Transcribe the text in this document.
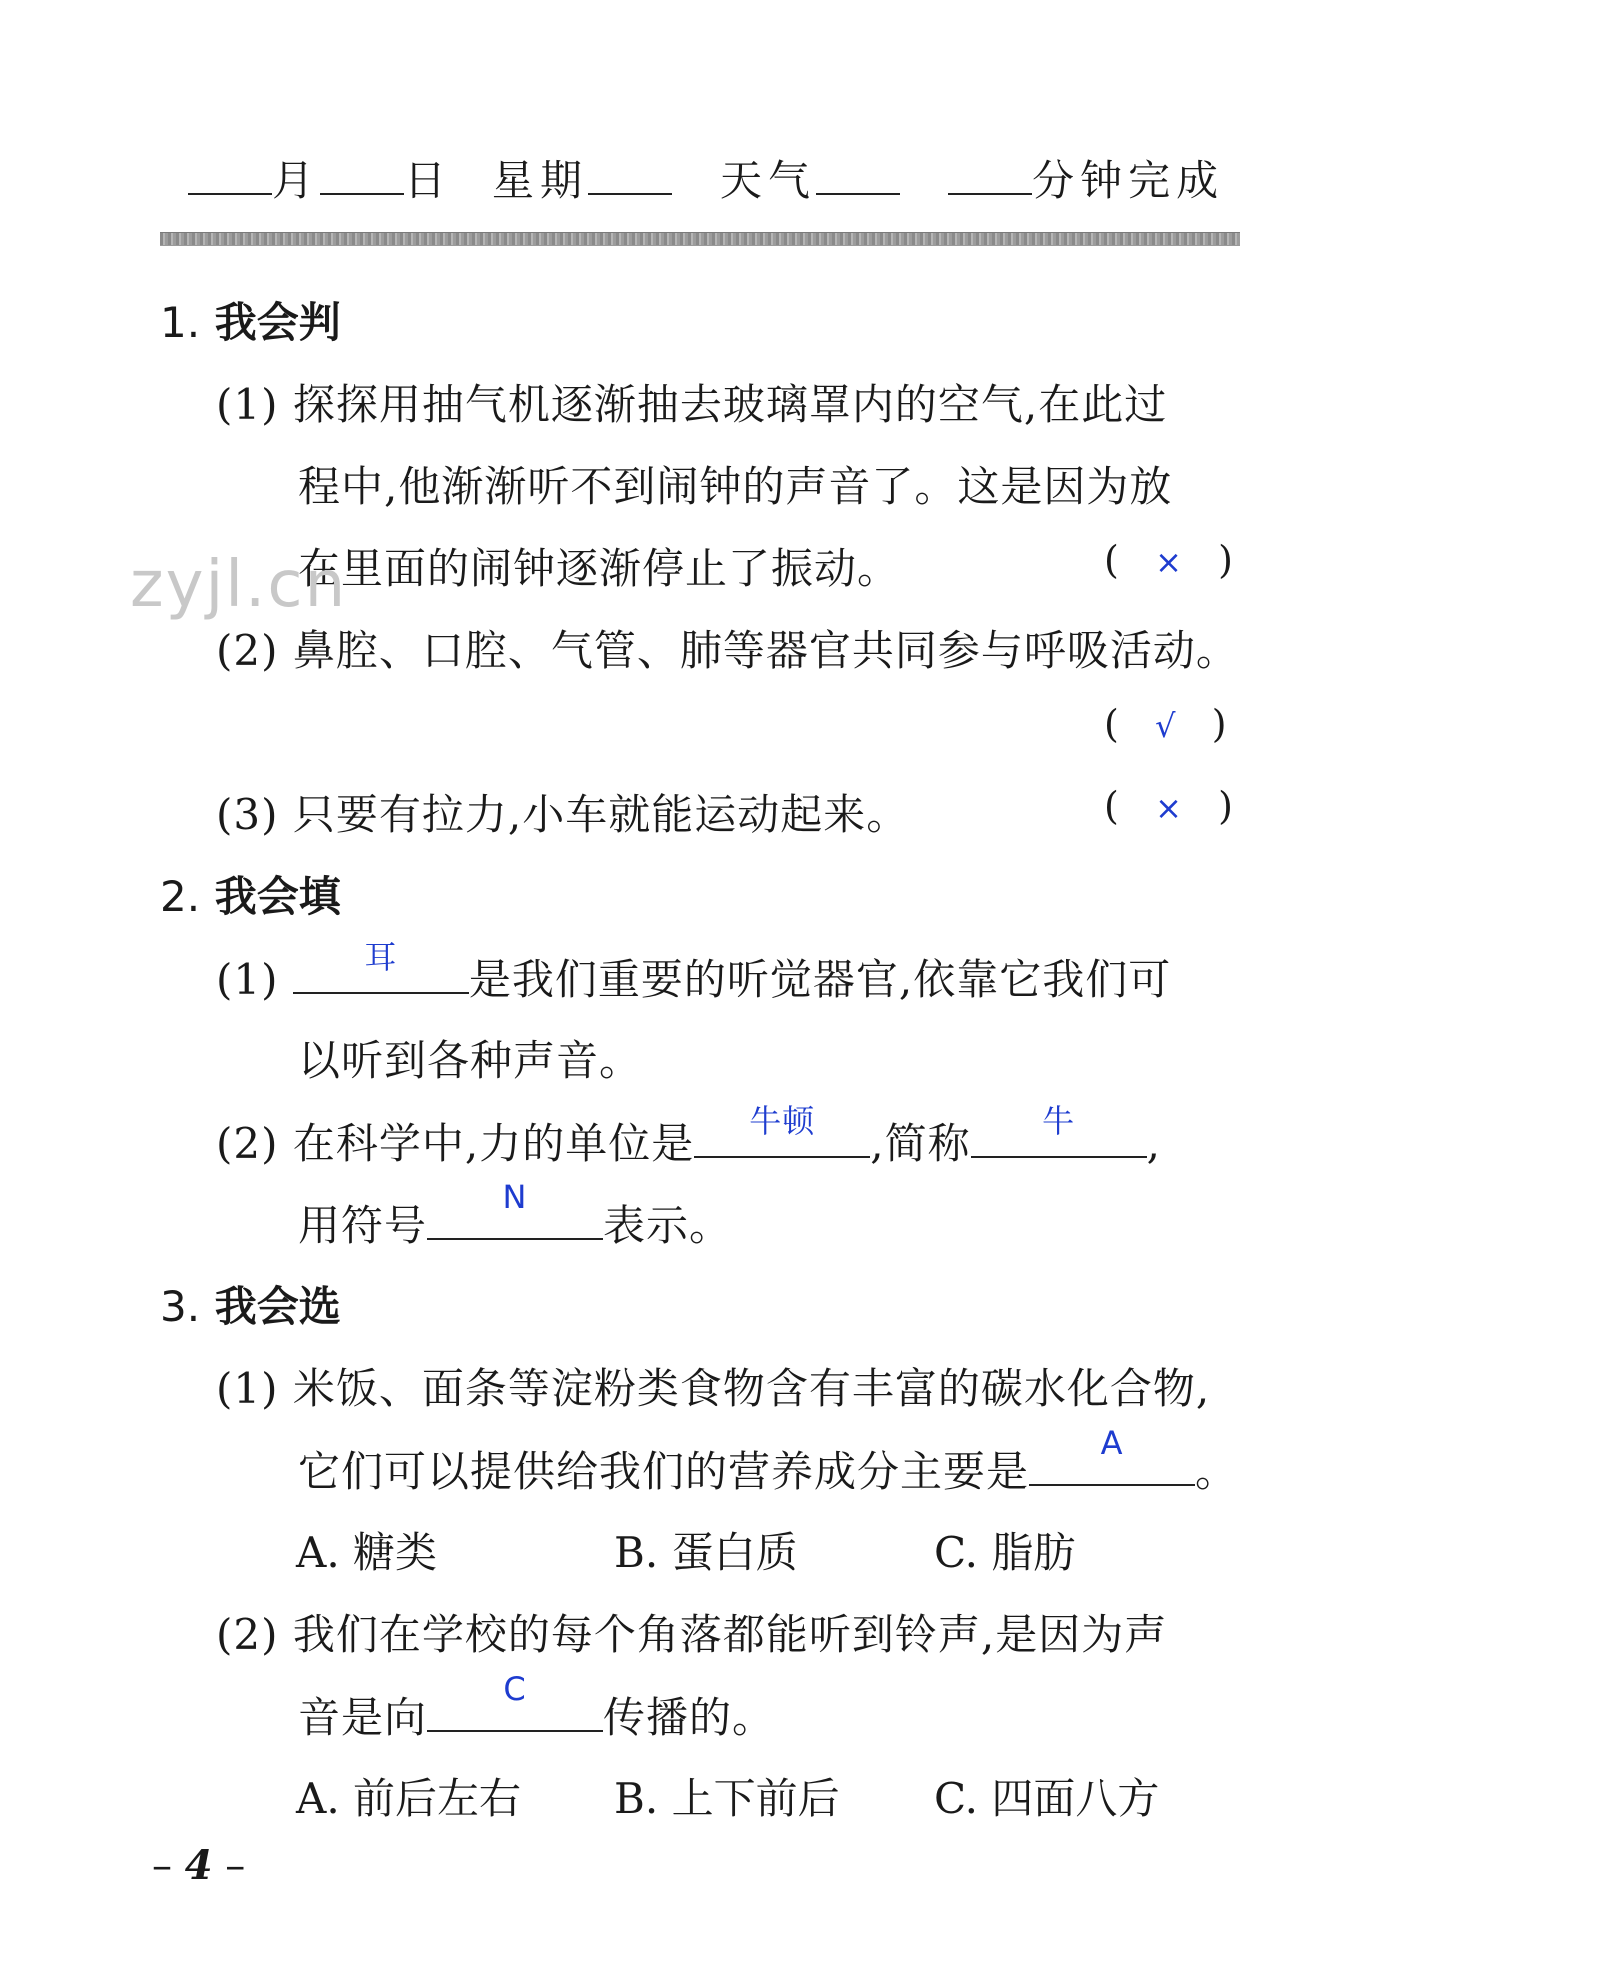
月 日 星期	天气	分钟完成
1. 我会判
(1) 探探用抽气机逐渐抽去玻璃罩内的空气,在此过
程中,他渐渐听不到闹钟的声音了。这是因为放
在里面的闹钟逐渐停止了振动。	(   ×   )
(2) 鼻腔、口腔、气管、肺等器官共同参与呼吸活动。
(   √   )
(3) 只要有拉力,小车就能运动起来。	(   ×   )
2. 我会填
(1)	耳	是我们重要的听觉器官,依靠它我们可
以听到各种声音。
(2) 在科学中,力的单位是	牛顿	,简称	牛	,
用符号
N
表示。
3. 我会选
(1) 米饭、面条等淀粉类食物含有丰富的碳水化合物,
它们可以提供给我们的营养成分主要是
A
。
A. 糖类	B. 蛋白质	C. 脂肪
(2) 我们在学校的每个角落都能听到铃声,是因为声
音是向
C
传播的。
A. 前后左右 B. 上下前后 C. 四面八方
zyjl.cn
– 4 –
